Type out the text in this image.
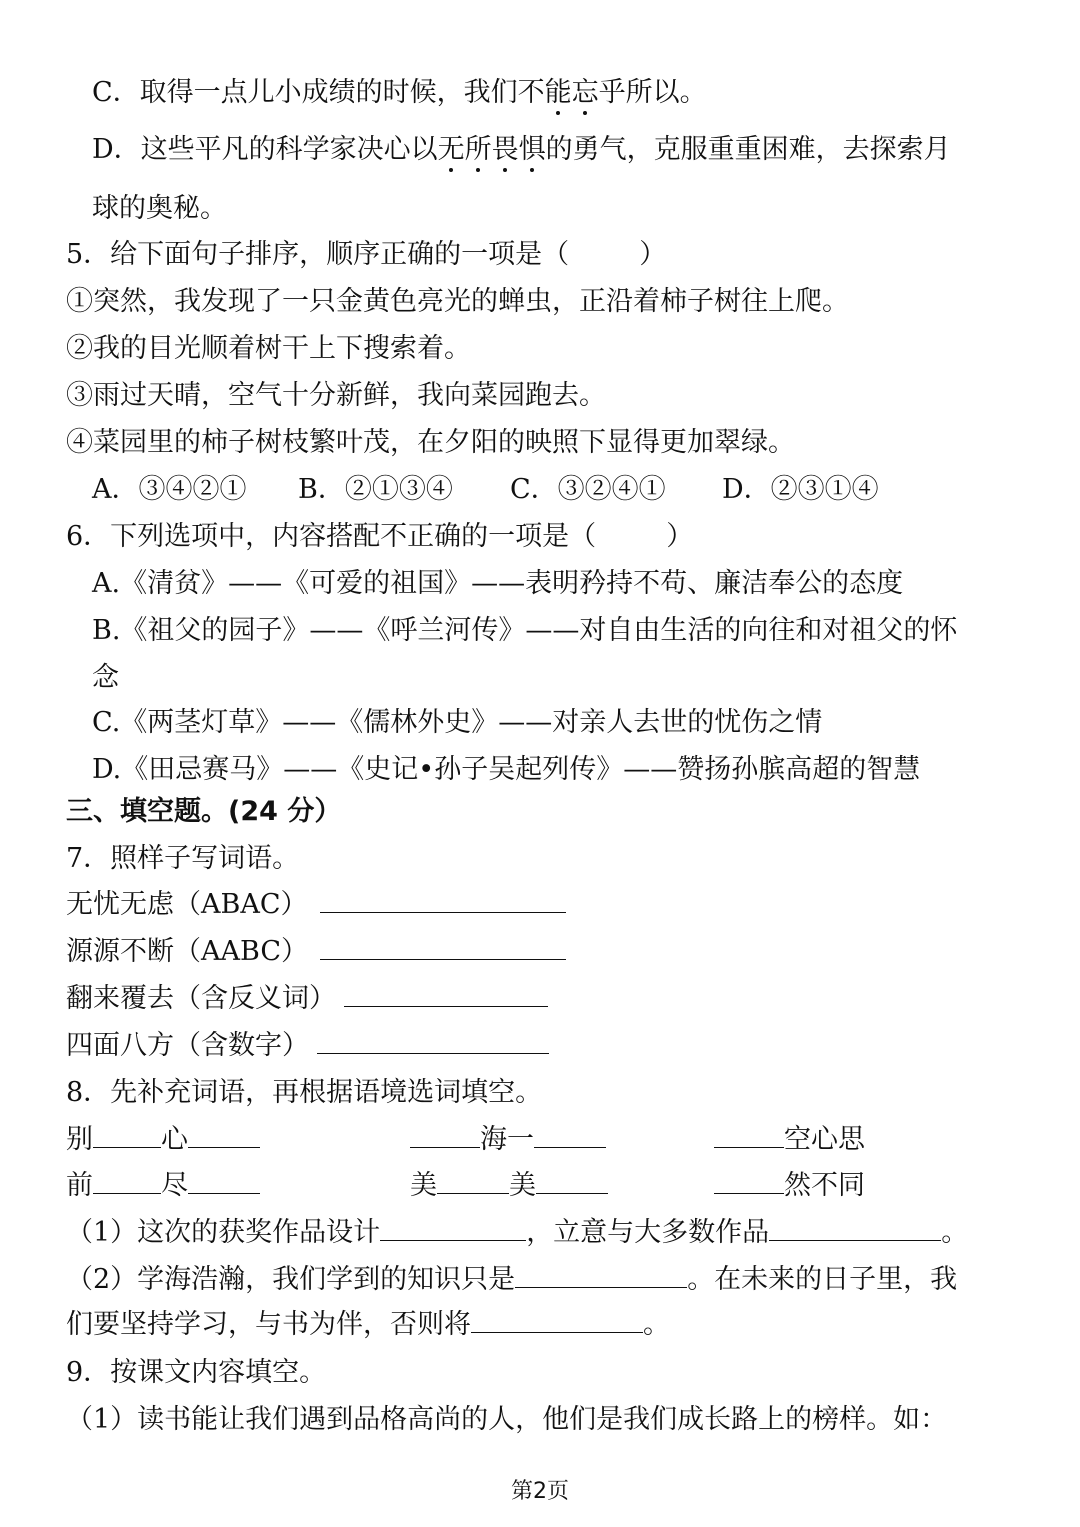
C．取得一点儿小成绩的时候，我们不能忘乎所以。
D．这些平凡的科学家决心以无所畏惧的勇气，克服重重困难，去探索月
球的奥秘。
5．给下面句子排序，顺序正确的一项是（	）
①突然，我发现了一只金黄色亮光的蝉虫，正沿着柿子树往上爬。
②我的目光顺着树干上下搜索着。
③雨过天晴，空气十分新鲜，我向菜园跑去。
④菜园里的柿子树枝繁叶茂，在夕阳的映照下显得更加翠绿。
A．③④②① B．②①③④ C．③②④① D．②③①④
6．下列选项中，内容搭配不正确的一项是（	）
A.《清贫》——《可爱的祖国》——表明矜持不苟、廉洁奉公的态度
B.《祖父的园子》——《呼兰河传》——对自由生活的向往和对祖父的怀
念
C.《两茎灯草》——《儒林外史》——对亲人去世的忧伤之情
D.《田忌赛马》——《史记•孙子吴起列传》——赞扬孙膑高超的智慧
三、填空题。(24 分）
7．照样子写词语。
无忧无虑（ABAC）
源源不断（AABC）
翻来覆去（含反义词）
四面八方（含数字）
8．先补充词语，再根据语境选词填空。
别	心	海一	空心思
前	尽	美	美	然不同
（1）这次的获奖作品设计	，立意与大多数作品	。
（2）学海浩瀚，我们学到的知识只是	。在未来的日子里，我
们要坚持学习，与书为伴，否则将	。
9．按课文内容填空。
（1）读书能让我们遇到品格高尚的人，他们是我们成长路上的榜样。如：
第2页
